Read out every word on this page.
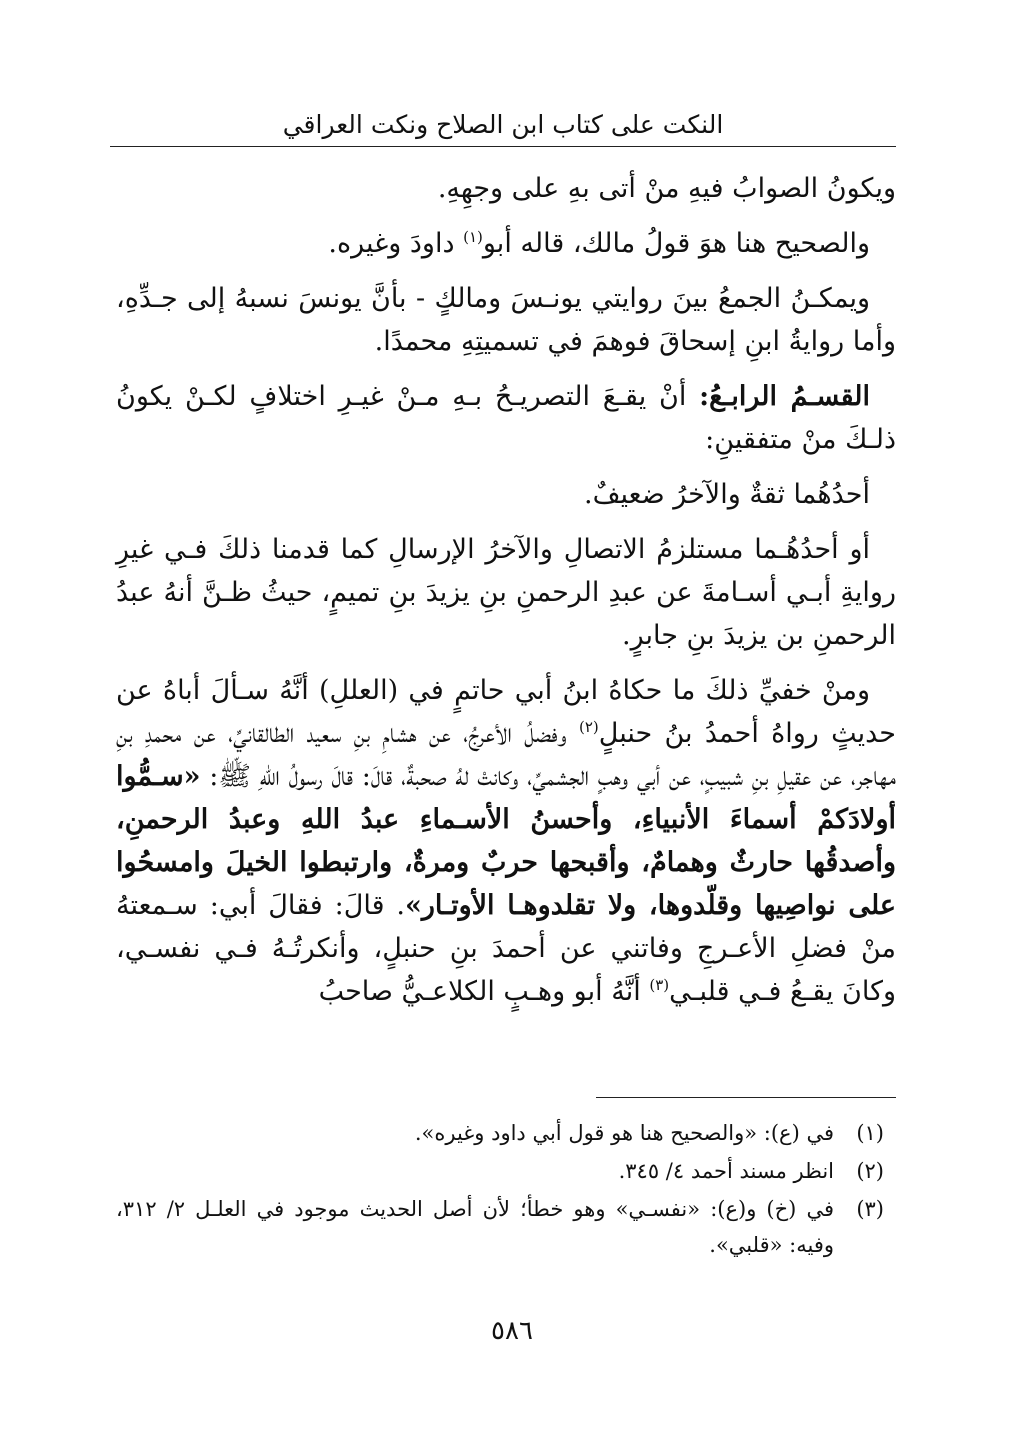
النكت على كتاب ابن الصلاح ونكت العراقي

ويكونُ الصوابُ فيهِ منْ أتى بهِ على وجهِهِ.

والصحيح هنا هوَ قولُ مالك، قاله أبو$^{(١)}$ داودَ وغيره.

ويمكـنُ الجمعُ بينَ روايتي يونـسَ ومالكٍ - بأنَّ يونسَ نسبهُ إلى جـدِّهِ، وأما روايةُ ابنِ إسحاقَ فوهمَ في تسميتِهِ محمدًا.

القسـمُ الرابـعُ: أنْ يقـعَ التصريـحُ بـهِ مـنْ غيـرِ اختلافٍ لكـنْ يكونُ ذلـكَ منْ متفقينِ:

أحدُهُما ثقةٌ والآخرُ ضعيفٌ.

أو أحدُهُـما مستلزمُ الاتصالِ والآخرُ الإرسالِ كما قدمنا ذلكَ فـي غيرِ روايةِ أبـي أسـامةَ عن عبدِ الرحمنِ بنِ يزيدَ بنِ تميمٍ، حيثُ ظـنَّ أنهُ عبدُ الرحمنِ بن يزيدَ بنِ جابرٍ.

ومنْ خفيِّ ذلكَ ما حكاهُ ابنُ أبي حاتمٍ في (العللِ) أنَّهُ سـألَ أباهُ عن حديثٍ رواهُ أحمدُ بنُ حنبلٍ$^{(٢)}$ وفضلُ الأعرجُ، عن هشامِ بنِ سعيد الطالقانيِّ، عن محمدِ بنِ مهاجر، عن عقيلِ بنِ شبيبٍ، عن أبي وهبٍ الجشميِّ، وكانتْ لهُ صحبةٌ، قالَ: قالَ رسولُ اللهِ ﷺ: «سـمُّوا أولادَكمْ أسماءَ الأنبياءِ، وأحسنُ الأسـماءِ عبدُ اللهِ وعبدُ الرحمنِ، وأصدقُها حارثٌ وهمامٌ، وأقبحها حربٌ ومرةٌ، وارتبطوا الخيلَ وامسحُوا على نواصِيها وقلّدوها، ولا تقلدوهـا الأوتـار». قالَ: فقالَ أبي: سـمعتهُ منْ فضلِ الأعـرجِ وفاتني عن أحمدَ بنِ حنبلٍ، وأنكرتُـهُ فـي نفسـي، وكانَ يقـعُ فـي قلبـي$^{(٣)}$ أنَّهُ أبو وهـبٍ الكلاعـيُّ صاحبُ

(١)
في (ع): «والصحيح هنا هو قول أبي داود وغيره».
(٢)
انظر مسند أحمد ٤/ ٣٤٥.
(٣)
في (خ) و(ع): «نفسـي» وهو خطأ؛ لأن أصل الحديث موجود في العلـل ٢/ ٣١٢، وفيه: «قلبي».
٥٨٦
